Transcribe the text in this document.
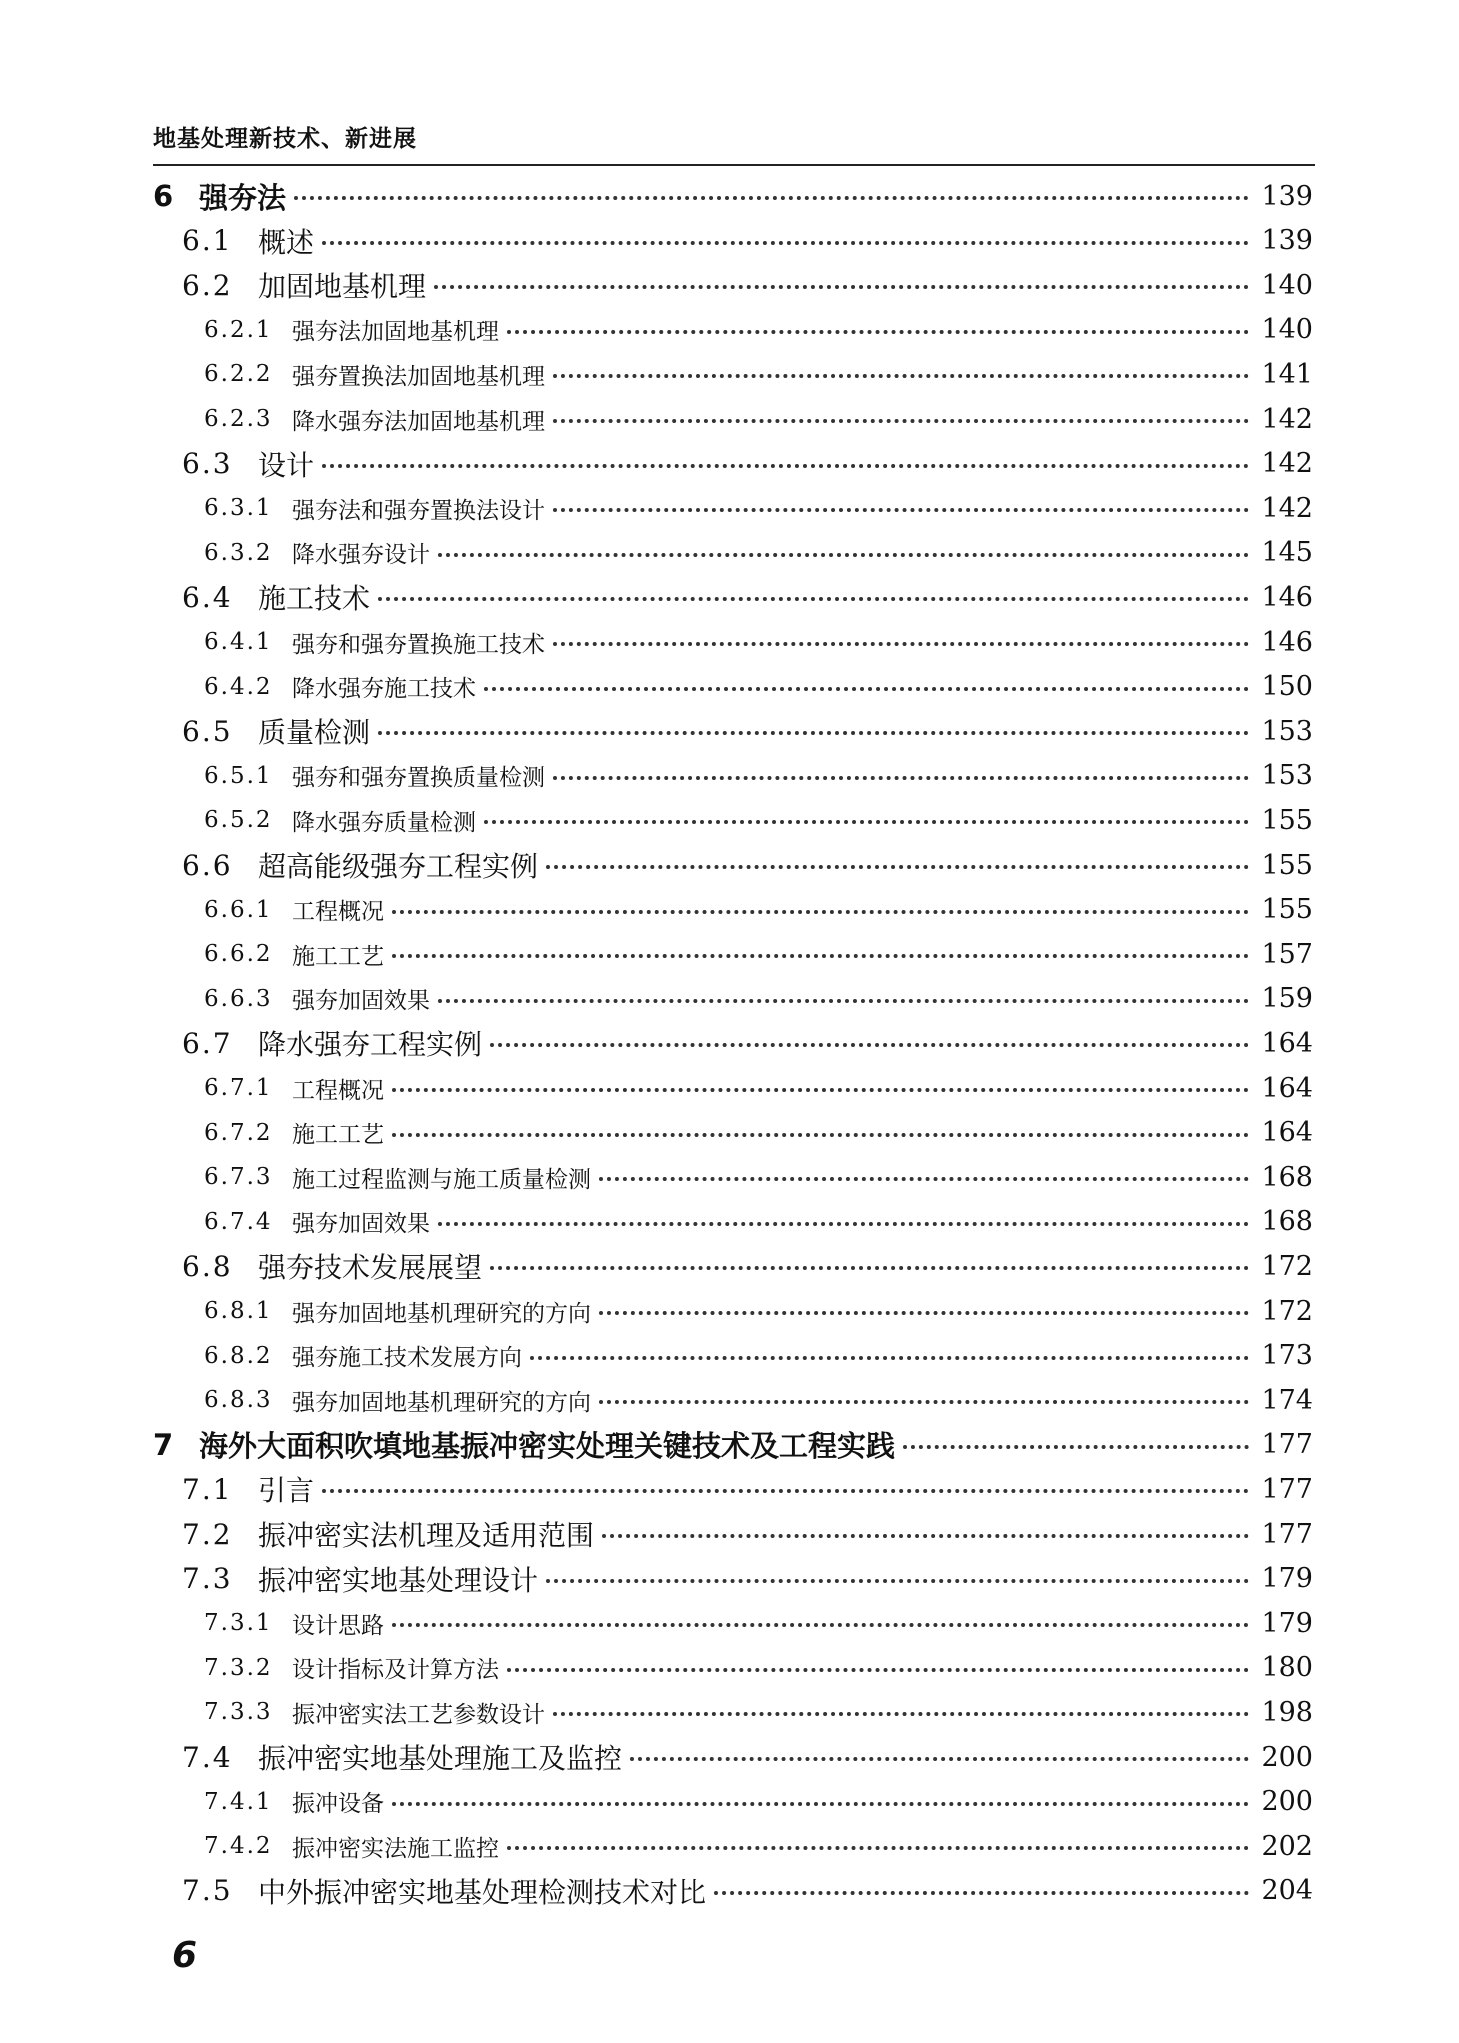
地基处理新技术、新进展
6 强夯法	139
6.1 概述	139
6.2 加固地基机理	140
6.2.1 强夯法加固地基机理	140
6.2.2 强夯置换法加固地基机理	141
6.2.3 降水强夯法加固地基机理	142
6.3 设计	142
6.3.1 强夯法和强夯置换法设计	142
6.3.2 降水强夯设计	145
6.4 施工技术	146
6.4.1 强夯和强夯置换施工技术	146
6.4.2 降水强夯施工技术	150
6.5 质量检测	153
6.5.1 强夯和强夯置换质量检测	153
6.5.2 降水强夯质量检测	155
6.6 超高能级强夯工程实例	155
6.6.1 工程概况	155
6.6.2 施工工艺	157
6.6.3 强夯加固效果	159
6.7 降水强夯工程实例	164
6.7.1 工程概况	164
6.7.2 施工工艺	164
6.7.3 施工过程监测与施工质量检测	168
6.7.4 强夯加固效果	168
6.8 强夯技术发展展望	172
6.8.1 强夯加固地基机理研究的方向	172
6.8.2 强夯施工技术发展方向	173
6.8.3 强夯加固地基机理研究的方向	174
7 海外大面积吹填地基振冲密实处理关键技术及工程实践	177
7.1 引言	177
7.2 振冲密实法机理及适用范围	177
7.3 振冲密实地基处理设计	179
7.3.1 设计思路	179
7.3.2 设计指标及计算方法	180
7.3.3 振冲密实法工艺参数设计	198
7.4 振冲密实地基处理施工及监控	200
7.4.1 振冲设备	200
7.4.2 振冲密实法施工监控	202
7.5 中外振冲密实地基处理检测技术对比	204
6
